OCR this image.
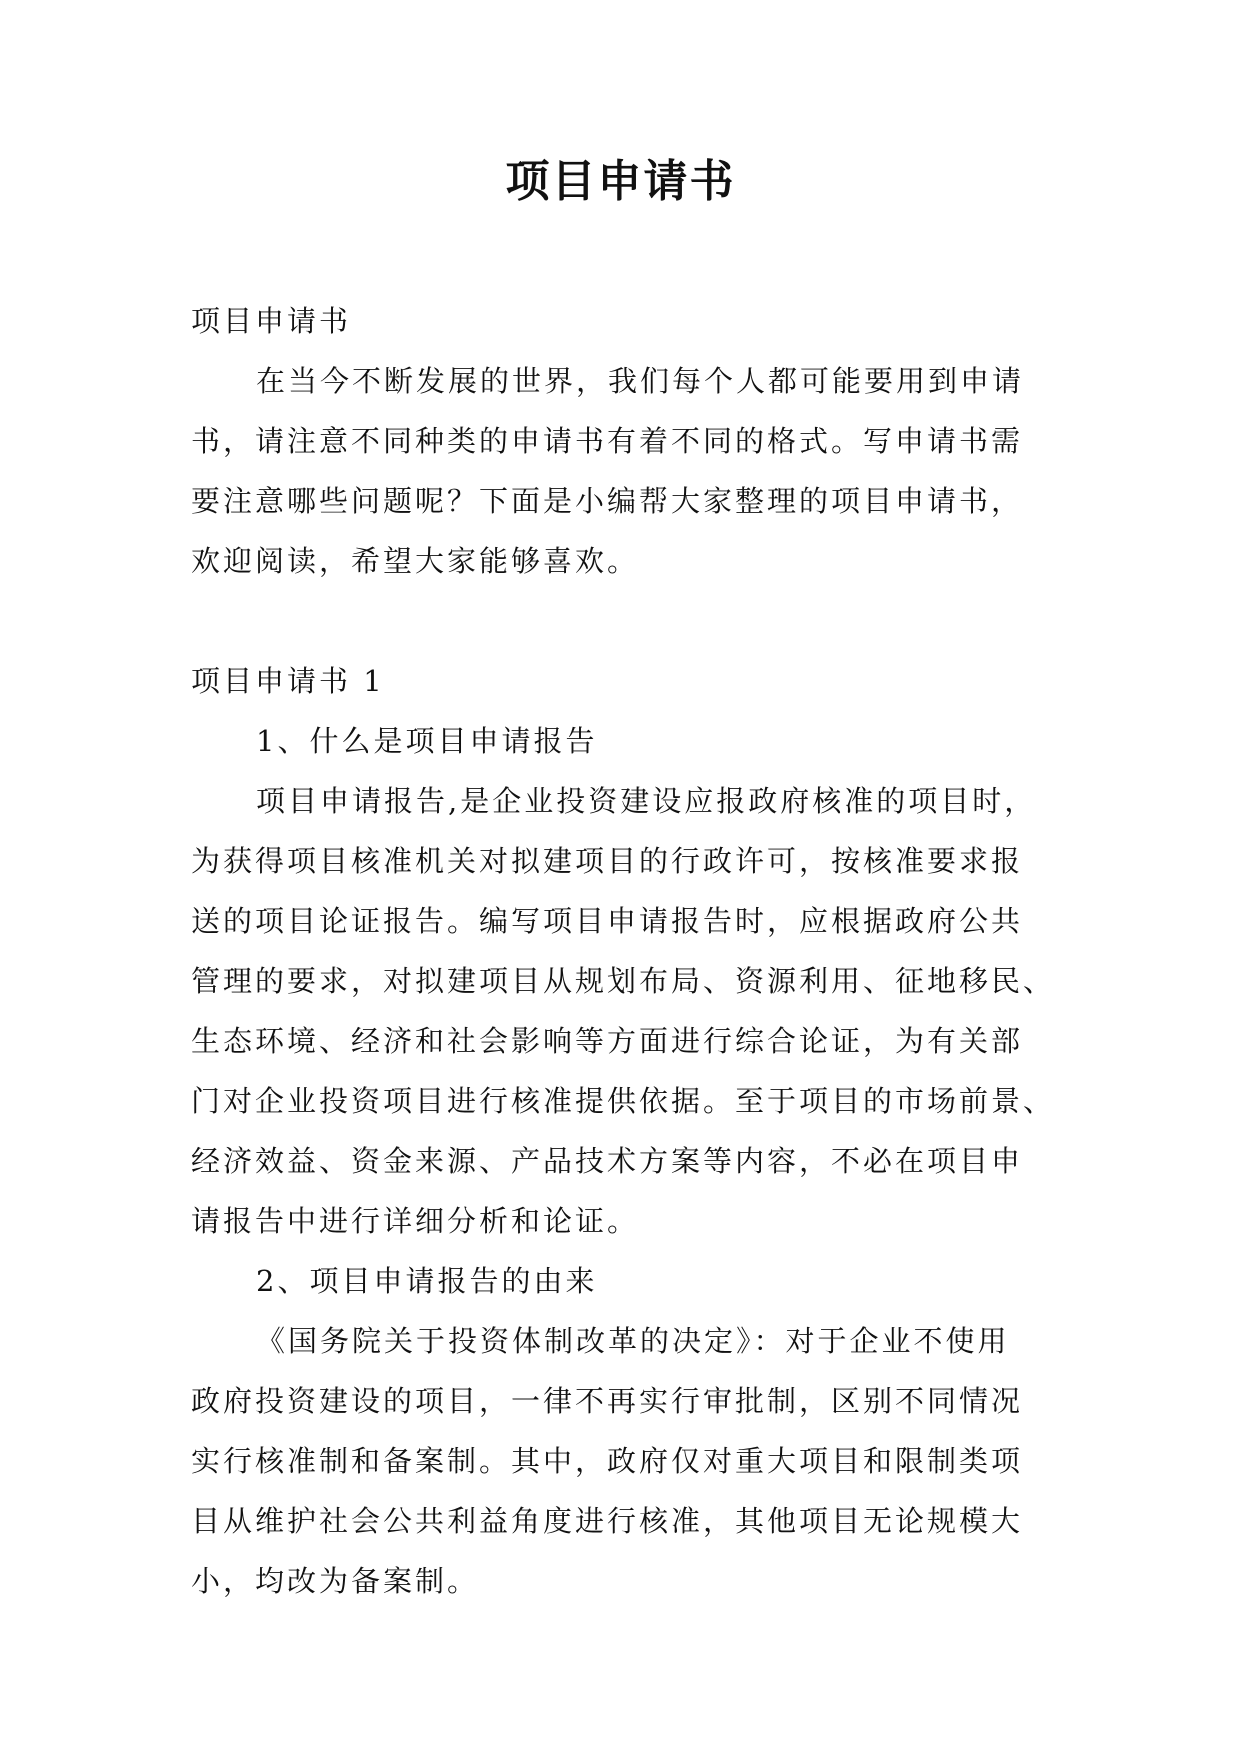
项目申请书
项目申请书
在当今不断发展的世界，我们每个人都可能要用到申请
书，请注意不同种类的申请书有着不同的格式。写申请书需
要注意哪些问题呢？下面是小编帮大家整理的项目申请书，
欢迎阅读，希望大家能够喜欢。
项目申请书 1
1、什么是项目申请报告
项目申请报告,是企业投资建设应报政府核准的项目时，
为获得项目核准机关对拟建项目的行政许可，按核准要求报
送的项目论证报告。编写项目申请报告时，应根据政府公共
管理的要求，对拟建项目从规划布局、资源利用、征地移民、
生态环境、经济和社会影响等方面进行综合论证，为有关部
门对企业投资项目进行核准提供依据。至于项目的市场前景、
经济效益、资金来源、产品技术方案等内容，不必在项目申
请报告中进行详细分析和论证。
2、项目申请报告的由来
《国务院关于投资体制改革的决定》：对于企业不使用
政府投资建设的项目，一律不再实行审批制，区别不同情况
实行核准制和备案制。其中，政府仅对重大项目和限制类项
目从维护社会公共利益角度进行核准，其他项目无论规模大
小，均改为备案制。
